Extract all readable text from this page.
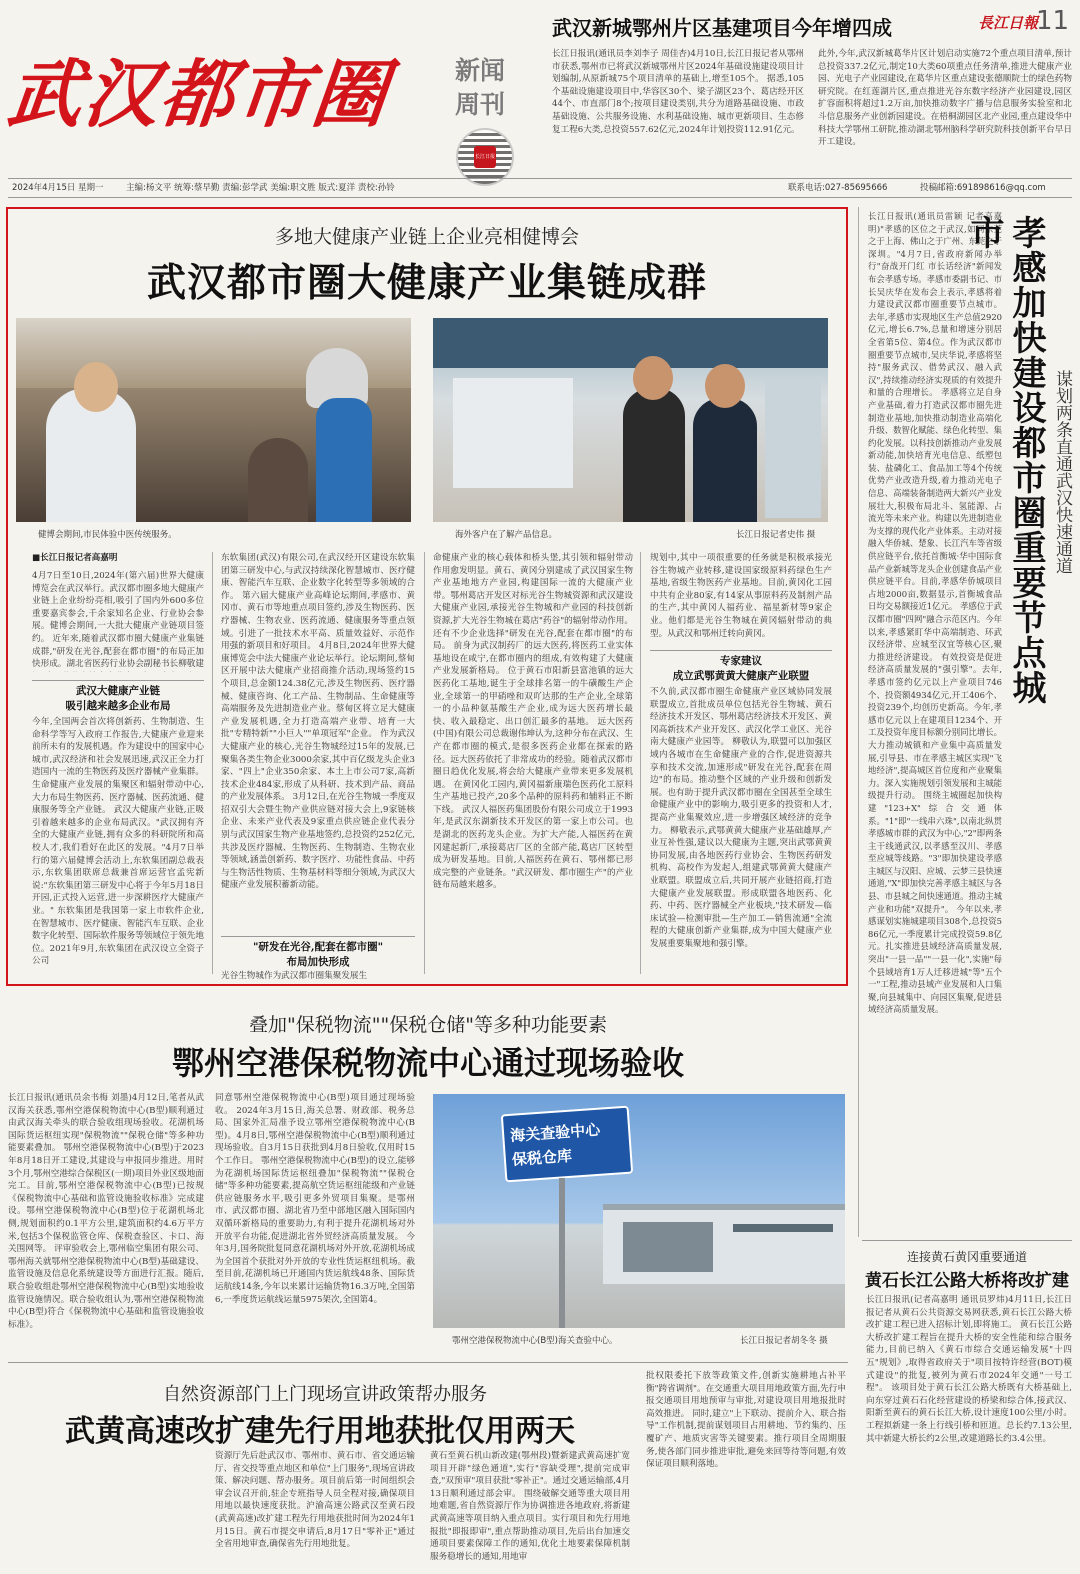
武汉都市圈	新闻周刊
长江日报
武汉新城鄂州片区基建项目今年增四成	長江日報
11
长江日报讯(通讯员李刘李子 周佳杏)4月10日,长江日报记者从鄂州市获悉,鄂州市已将武汉新城鄂州片区2024年基础设施建设项目计划编制,从原新城75个项目清单的基础上,增至105个。 据悉,105个基础设施建设项目中,华容区30个、梁子湖区23个、葛店经开区44个、市直部门8个;按项目建设类别,共分为道路基础设施、市政基础设施、公共服务设施、水利基础设施、城市更新项目、生态修复工程6大类,总投资557.62亿元,2024年计划投资112.91亿元。
此外,今年,武汉新城葛华片区计划启动实施72个重点项目清单,预计总投资337.2亿元,制定10大类60项重点任务清单,推进大健康产业园、光电子产业园建设,在葛华片区重点建设张德顺院士的绿色药物研究院。在红莲湖片区,重点推进光谷东数字经济产业园建设,园区扩容面积将超过1.2万亩,加快推动数字广播与信息服务实验室和北斗信息服务产业创新园建设。在梧桐湖园区北产业园,重点建设华中科技大学鄂州工研院,推动湖北鄂州脑科学研究院科技创新平台早日开工建设。
2024年4月15日 星期一	主编:杨文平 统筹:蔡早勤 责编:彭学武 美编:职文胜 版式:夏洋 责校:孙铃	联系电话:027-85695666	投稿邮箱:691898616@qq.com
多地大健康产业链上企业亮相健博会
武汉都市圈大健康产业集链成群
健博会期间,市民体验中医传统服务。	海外客户在了解产品信息。	长江日报记者史伟 摄
■长江日报记者高嘉明
4月7日至10日,2024年(第六届)世界大健康博览会在武汉举行。武汉都市圈多地大健康产业链上企业纷纷亮相,吸引了国内外600多位重要嘉宾参会,千余家知名企业、行业协会参展。健博会期间,一大批大健康产业链项目签约。 近年来,随着武汉都市圈大健康产业集链成群,"研发在光谷,配套在都市圈"的布局正加快形成。湖北省医药行业协会副秘书长柳敬建
武汉大健康产业链
吸引越来越多企业布局
今年,全国两会首次将创新药、生物制造、生命科学等写入政府工作报告,大健康产业迎来前所未有的发展机遇。作为建设中的国家中心城市,武汉经济和社会发展迅速,武汉正全力打造国内一流的生物医药及医疗器械产业集群。生命健康产业发展的集聚区和辐射带动中心,大力布局生物医药、医疗器械、医药流通、健康服务等全产业链。 武汉大健康产业链,正吸引着越来越多的企业布局武汉。"武汉拥有齐全的大健康产业链,拥有众多的科研院所和高校人才,我们看好在此区的发展。"4月7日举行的第六届健博会活动上,东软集团副总裁表示,东软集团联席总裁兼首席运营官孟宪新说:"东软集团第三研发中心将于今年5月18日开园,正式投入运营,进一步深耕医疗大健康产业。" 东软集团是我国第一家上市软件企业,在智慧城市、医疗健康、智能汽车互联、企业数字化转型、国际软件服务等领域位于领先地位。2021年9月,东软集团在武汉设立全资子公司
东软集团(武汉)有限公司,在武汉经开区建设东软集团第三研发中心,与武汉持续深化智慧城市、医疗健康、智能汽车互联、企业数字化转型等多领域的合作。 第六届大健康产业高峰论坛期间,孝感市、黄冈市、黄石市等地重点项目签约,涉及生物医药、医疗器械、生物农业、医药流通、健康服务等重点领域。引进了一批技术水平高、质量效益好、示范作用强的新项目和好项目。 4月8日,2024年世界大健康博览会中法大健康产业论坛举行。论坛期间,蔡甸区开展中法大健康产业招商推介活动,现场签约15个项目,总金额124.38亿元,涉及生物医药、医疗器械、健康咨询、化工产品、生物制品、生命健康等高端服务及先进制造业产业。蔡甸区将立足大健康产业发展机遇,全力打造高端产业带、培育一大批"专精特新""小巨人""单项冠军"企业。 作为武汉大健康产业的核心,光谷生物城经过15年的发展,已聚集各类生物企业3000余家,其中百亿级龙头企业3家、"四上"企业350余家、本土上市公司7家,高新技术企业484家,形成了从科研、技术到产品、商品的产业发展体系。 3月12日,在光谷生物城一季度双招双引大会暨生物产业供应链对接大会上,9家链核企业、未来产业代表及9家重点供应链企业代表分别与武汉国家生物产业基地签约,总投资约252亿元,共涉及医疗器械、生物医药、生物制造、生物农业等领域,涵盖创新药、数字医疗、功能性食品、中药与生物活性物质、生物基材料等细分领域,为武汉大健康产业发展积蓄新动能。
"研发在光谷,配套在都市圈"
布局加快形成
光谷生物城作为武汉都市圈集聚发展生
命健康产业的核心载体和桥头堡,其引领和辐射带动作用愈发明显。黄石、黄冈分别建成了武汉国家生物产业基地地方产业园,构建国际一流的大健康产业带。鄂州葛店开发区对标光谷生物城资源和武汉建设大健康产业园,承接光谷生物城和产业园的科技创新资源,扩大光谷生物城在葛店"药谷"的辐射带动作用。还有不少企业选择"研发在光谷,配套在都市圈"的布局。 前身为武汉制药厂的远大医药,将医药工业实体基地设在咸宁,在都市圈内的组成,有效构建了大健康产业发展新格局。 位于黄石市阳新县富池镇的远大医药化工基地,诞生于全球排名第一的牛磺酸生产企业,全球第一的甲硝唑和双吖达那的生产企业,全球第一的小品种氨基酸生产企业,成为远大医药增长最快、收入最稳定、出口创汇最多的基地。 远大医药(中国)有限公司总裁谢伟坤认为,这种分布在武汉、生产在都市圈的模式,是很多医药企业都在探索的路径。远大医药依托了非常成功的经验。随着武汉都市圈日趋优化发展,将会给大健康产业带来更多发展机遇。 在黄冈化工园内,黄冈福新康瑞色医药化工原料生产基地已投产,20多个品种的原料药和辅料正不断下线。 武汉人福医药集团股份有限公司成立于1993年,是武汉东湖新技术开发区的第一家上市公司。也是湖北的医药龙头企业。为扩大产能,人福医药在黄冈建起新厂,承接葛店厂区的全部产能,葛店厂区转型成为研发基地。目前,人福医药在黄石、鄂州都已形成完整的产业链条。"武汉研发、都市圈生产"的产业链布局越来越多。
规划中,其中一项很重要的任务就是积极承接光谷生物城产业转移,建设国家级原料药绿色生产基地,省级生物医药产业基地。目前,黄冈化工园中共有企业80家,有14家从事原料药及制剂产品的生产,其中黄冈人福药业、福星新材等9家企业。他们都是光谷生物城在黄冈辐射带动的典型。从武汉和鄂州迁转向黄冈。
专家建议
成立武鄂黄黄大健康产业联盟
不久前,武汉都市圈生命健康产业区域协同发展联盟成立,首批成员单位包括光谷生物城、黄石经济技术开发区、鄂州葛店经济技术开发区、黄冈高新技术产业开发区、武汉化学工业区、光谷南大健康产业园等。 柳敬认为,联盟可以加强区域内各城市在生命健康产业的合作,促进资源共享和技术交流,加速形成"研发在光谷,配套在周边"的布局。推动整个区域的产业升级和创新发展。也有助于提升武汉都市圈在全国甚至全球生命健康产业中的影响力,吸引更多的投资和人才,提高产业集聚效应,进一步增强区域经济的竞争力。 柳敬表示,武鄂黄黄大健康产业基础雄厚,产业互补性强,建议以大健康为主题,突出武鄂黄黄协同发展,由各地医药行业协会、生物医药研发机构、高校作为发起人,组建武鄂黄黄大健康产业联盟。联盟成立后,共同开展产业链招商,打造大健康产业发展联盟。形成联盟各地医药、化药、中药、医疗器械全产业板块,"技术研发—临床试验—检测审批—生产加工—销售流通"全流程的大健康创新产业集群,成为中国大健康产业发展重要集聚地和强引擎。
长江日报讯(通讯员雷颖 记者高嘉明)"孝感的区位之于武汉,如同东莞之于上海、佛山之于广州、东莞之于深圳。"4月7日,省政府新闻办举行"奋战开门红 市长话经济"新闻发布会孝感专场。孝感市委副书记、市长吴庆华在发布会上表示,孝感将着力建设武汉都市圈重要节点城市。 去年,孝感市实现地区生产总值2920亿元,增长6.7%,总量和增速分别居全省第5位、第4位。作为武汉都市圈重要节点城市,吴庆华说,孝感将坚持"服务武汉、借势武汉、融入武汉",持续推动经济实现质的有效提升和量的合理增长。 孝感将立足自身产业基础,着力打造武汉都市圈先进制造业基地,加快推动制造业高端化升级、数智化赋能、绿色化转型、集约化发展。以科技创新推动产业发展新动能,加快培育光电信息、纸塑包装、盐磷化工、食品加工等4个传统优势产业改造升级,着力推动光电子信息、高端装备制造两大新兴产业发展壮大,积极布局北斗、氢能源、占流光等未来产业。构建以先进制造业为支撑的现代化产业体系。主动对接融入华侨城、楚象、长江汽车等省级供应链平台,依托首衡城·华中国际食品产业新城等龙头企业创建食品产业供应链平台。目前,孝感华侨城项目占地2000亩,数据显示,首衡城食品日均交易额接近1亿元。 孝感位于武汉都市圈"四网"融合示范区内。今年以来,孝感紧盯华中高端制造、环武汉经济带、应城至汉宜等核心区,聚力推进经济建设。 有效投资是促进经济高质量发展的"强引擎"。去年,孝感市签约亿元以上产业项目746个、投资额4934亿元,开工406个、投资239个,均创历史新高。今年,孝感市亿元以上在建项目1234个、开工及投资年度目标额分别同比增长。 大力推动城镇和产业集中高质量发展,引导县、市在孝感主城区实现"飞地经济",提高城区首位度和产业聚集力。深入实施规划引领发展和主城能级提升行动。 围绕主城圈起加快构建"123+X"综合交通体系。"1"即"一线串六珠",以南北纵贯孝感城市群的武汉为中心,"2"即两条主干线通武汉,以孝感至汉川、孝感至应城等线路。"3"即加快建设孝感主城区与汉阳、应城、云梦三县快速通道,"X"即加快完善孝感主城区与各县、市县城之间快速通道。推动主城产业和功能"双提升"。 今年以来,孝感谋划实施城建项目308个,总投资586亿元,一季度累计完成投资59.8亿元。扎实推进县域经济高质量发展,突出"一县一品""一县一化",实施"每个县域培育1万人迁移进城"等"五个一"工程,推动县域产业发展和人口集聚,向县城集中、向园区集聚,促进县域经济高质量发展。
孝感加快建设都市圈重要节点城市
谋划两条直通武汉快速通道
叠加"保税物流""保税仓储"等多种功能要素
鄂州空港保税物流中心通过现场验收
长江日报讯(通讯员余书梅 刘墨)4月12日,笔者从武汉海关获悉,鄂州空港保税物流中心(B型)顺利通过由武汉海关牵头的联合验收组现场验收。花湖机场国际货运枢纽实现"保税物流""保税仓储"等多种功能要素叠加。 鄂州空港保税物流中心(B型)于2023年8月18日开工建设,其建设与申报同步推进。用时3个月,鄂州空港综合保税区(一期)项目外业区级地面完工。目前,鄂州空港保税物流中心(B型)已按规《保税物流中心基础和监管设施验收标准》完成建设。鄂州空港保税物流中心(B型)位于花湖机场北侧,规划面积约0.1平方公里,建筑面积约4.6万平方米,包括3个保税监管仓库、保税查验区、卡口、海关围网等。 评审验收会上,鄂州临空集团有限公司、鄂州海关就鄂州空港保税物流中心(B型)基础建设、监管设施及信息化系统建设等方面进行汇报。随后,联合验收组赴鄂州空港保税物流中心(B型)实地验收监管设施情况。联合验收组认为,鄂州空港保税物流中心(B型)符合《保税物流中心基础和监管设施验收标准》。
同意鄂州空港保税物流中心(B型)项目通过现场验收。 2024年3月15日,海关总署、财政部、税务总局、国家外汇局准予设立鄂州空港保税物流中心(B型)。4月8日,鄂州空港保税物流中心(B型)顺利通过现场验收。自3月15日获批到4月8日验收,仅用时15个工作日。 鄂州空港保税物流中心(B型)的设立,能够为花湖机场国际货运枢纽叠加"保税物流""保税仓储"等多种功能要素,提高航空货运枢纽能级和产业链供应链服务水平,吸引更多外贸项目集聚。是鄂州市、武汉都市圈、湖北省乃至中部地区融入国际国内双循环新格局的重要助力,有利于提升花湖机场对外开放平台功能,促进湖北省外贸经济高质量发展。 今年3月,国务院批复同意花湖机场对外开放,花湖机场成为全国首个获批对外开放的专业性货运枢纽机场。截至目前,花湖机场已开通国内货运航线48条、国际货运航线14条,今年以来累计运输货物16.3万吨,全国第6,一季度货运航线运量5975架次,全国第4。
海关查验中心
保税仓库
鄂州空港保税物流中心(B型)海关查验中心。	长江日报记者胡冬冬 摄
连接黄石黄冈重要通道
黄石长江公路大桥将改扩建
长江日报讯(记者高嘉明 通讯员罗炜)4月11日,长江日报记者从黄石公共资源交易网获悉,黄石长江公路大桥改扩建工程已进入招标计划,即将施工。 黄石长江公路大桥改扩建工程旨在提升大桥的安全性能和综合服务能力,目前已纳入《黄石市综合交通运输发展"十四五"规划》,取得省政府关于"项目按特许经营(BOT)模式建设"的批复,被列为黄石市2024年交通"一号工程"。 该项目处于黄石长江公路大桥既有大桥基础上,向东穿过黄石石化经营建设的桥梁和综合体,接武汉、阳新至黄石的黄石长江大桥,设计速度100公里/小时。工程拟新建一条上行线引桥和匝道。总长约7.13公里,其中新建大桥长约2公里,改建道路长约3.4公里。
自然资源部门上门现场宣讲政策帮办服务
武黄高速改扩建先行用地获批仅用两天
资源厅先后赴武汉市、鄂州市、黄石市、省交通运输厅、省交投等重点地区和单位"上门服务",现场宣讲政策、解决问题、帮办服务。项目前后第一时间组织会审会议召开前,驻企专班指导人员全程对接,确保项目用地以最快速度获批。沪渝高速公路武汉至黄石段(武黄高速)改扩建工程先行用地获批时间为2024年1月15日。黄石市提交申请后,8月17日"零补正"通过全省用地审查,确保省先行用地批复。
黄石至黄石机山新改建(鄂州段)暨新建武黄高速扩宽项目开辟"绿色通道",实行"容缺受理",提前完成审查,"双预审"项目获批"零补正"。通过交通运输部,4月13日顺利通过部会审。 围绕破解交通等重大项目用地难题,省自然资源厅作为协调推进各地政府,将新建武黄高速等项目纳入重点项目。实行项目和先行用地报批"即报即审",重点帮助推动项目,先后出台加速交通项目要素保障工作的通知,优化土地要素保障机制服务稳增长的通知,用地审
批权限委托下放等政策文件,创新实施耕地占补平衡"跨省调剂"。在交通重大项目用地政策方面,先行申报交通项目用地预审与审批,对建设项目用地报批时高效推进。 同时,建立"上下联动、提前介入、联合指导"工作机制,提前谋划项目占用耕地、节约集约、压覆矿产、地质灾害等关键要素。推行项目全周期服务,使各部门同步推进审批,避免来回等待等问题,有效保证项目顺利落地。
